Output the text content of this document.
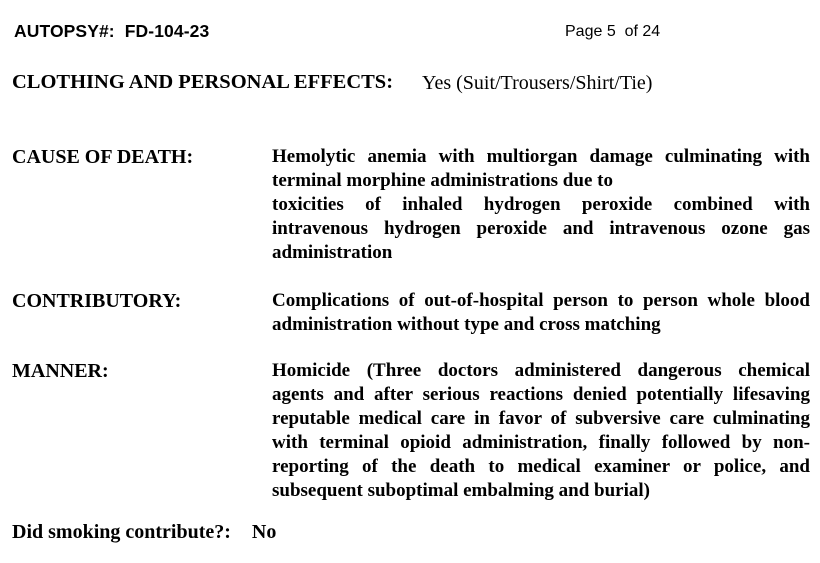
AUTOPSY#: FD-104-23	Page 5  of 24
CLOTHING AND PERSONAL EFFECTS: Yes (Suit/Trousers/Shirt/Tie)
CAUSE OF DEATH:	Hemolytic anemia with multiorgan damage culminating with
terminal morphine administrations due to
toxicities of inhaled hydrogen peroxide combined with
intravenous hydrogen peroxide and intravenous ozone gas
administration
CONTRIBUTORY:	Complications of out-of-hospital person to person whole blood
administration without type and cross matching
MANNER:	Homicide (Three doctors administered dangerous chemical
agents and after serious reactions denied potentially lifesaving
reputable medical care in favor of subversive care culminating
with terminal opioid administration, finally followed by non-
reporting of the death to medical examiner or police, and
subsequent suboptimal embalming and burial)
Did smoking contribute?: No
